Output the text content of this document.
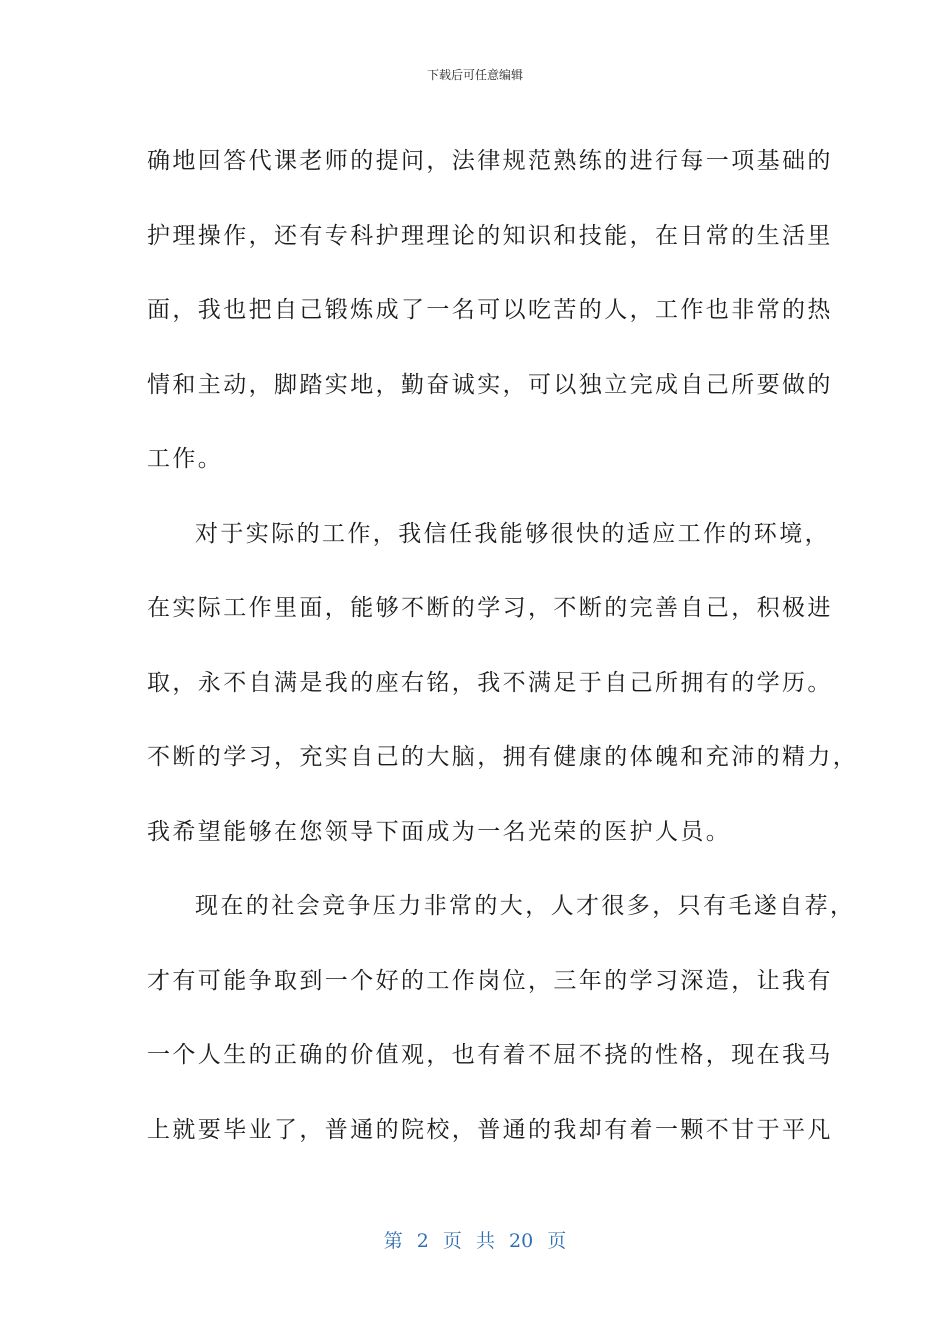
下载后可任意编辑
确地回答代课老师的提问，法律规范熟练的进行每一项基础的
护理操作，还有专科护理理论的知识和技能，在日常的生活里
面，我也把自己锻炼成了一名可以吃苦的人，工作也非常的热
情和主动，脚踏实地，勤奋诚实，可以独立完成自己所要做的
工作。
对于实际的工作，我信任我能够很快的适应工作的环境，
在实际工作里面，能够不断的学习，不断的完善自己，积极进
取，永不自满是我的座右铭，我不满足于自己所拥有的学历。
不断的学习，充实自己的大脑，拥有健康的体魄和充沛的精力，
我希望能够在您领导下面成为一名光荣的医护人员。
现在的社会竞争压力非常的大，人才很多，只有毛遂自荐，
才有可能争取到一个好的工作岗位，三年的学习深造，让我有
一个人生的正确的价值观，也有着不屈不挠的性格，现在我马
上就要毕业了，普通的院校，普通的我却有着一颗不甘于平凡
第 2 页 共 20 页
